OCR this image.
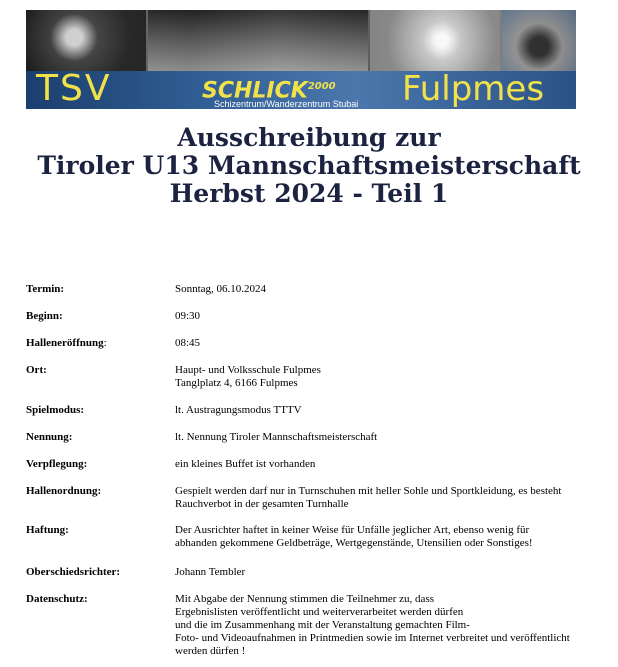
TSV	$SCHLICK^{2000}$
Schizentrum/Wanderzentrum Stubai Fulpmes
Ausschreibung zur
Tiroler U13 Mannschaftsmeisterschaft
Herbst 2024 - Teil 1
Termin:	Sonntag, 06.10.2024
Beginn:	09:30
Halleneröffnung:	08:45
Ort:	Haupt- und Volksschule Fulpmes
Tanglplatz 4, 6166 Fulpmes
Spielmodus:	lt. Austragungsmodus TTTV
Nennung:	lt. Nennung Tiroler Mannschaftsmeisterschaft
Verpflegung:	ein kleines Buffet ist vorhanden
Hallenordnung:	Gespielt werden darf nur in Turnschuhen mit heller Sohle und Sportkleidung, es besteht
Rauchverbot in der gesamten Turnhalle
Haftung:	Der Ausrichter haftet in keiner Weise für Unfälle jeglicher Art, ebenso wenig für
abhanden gekommene Geldbeträge, Wertgegenstände, Utensilien oder Sonstiges!
Oberschiedsrichter:	Johann Tembler
Datenschutz:	Mit Abgabe der Nennung stimmen die Teilnehmer zu, dass
Ergebnislisten veröffentlicht und weiterverarbeitet werden dürfen
und die im Zusammenhang mit der Veranstaltung gemachten Film-
Foto- und Videoaufnahmen in Printmedien sowie im Internet verbreitet und veröffentlicht
werden dürfen !
